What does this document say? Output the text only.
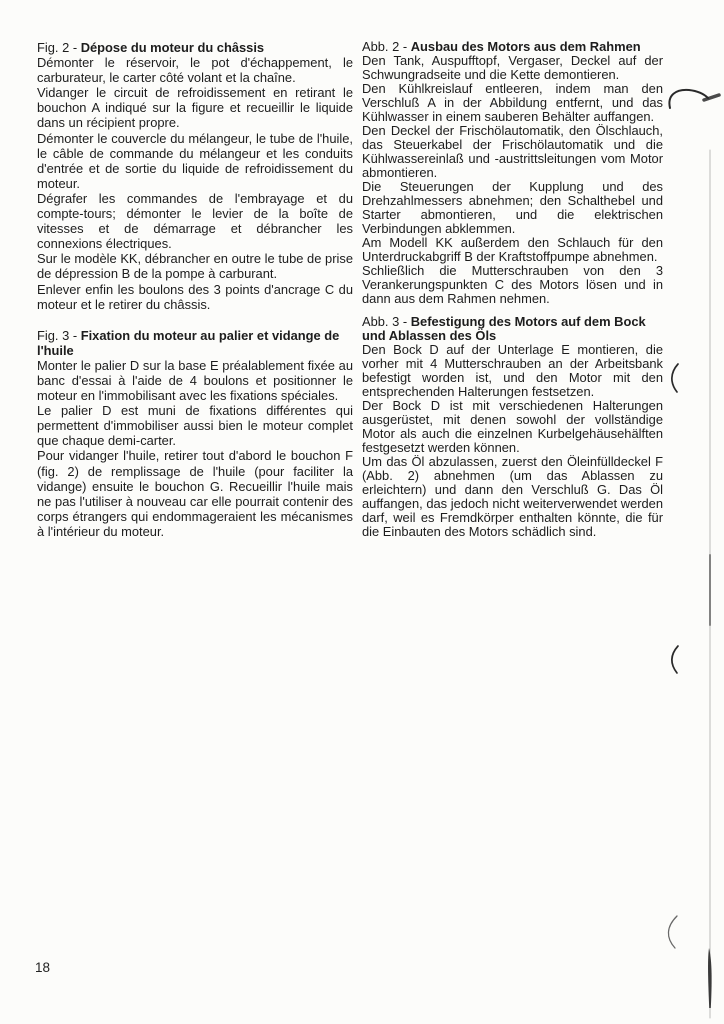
Fig. 2 - Dépose du moteur du châssis

Démonter le réservoir, le pot d'échappement, le carburateur, le carter côté volant et la chaîne.

Vidanger le circuit de refroidissement en retirant le bouchon A indiqué sur la figure et recueillir le liquide dans un récipient propre.

Démonter le couvercle du mélangeur, le tube de l'huile, le câble de commande du mélangeur et les conduits d'entrée et de sortie du liquide de refroidissement du moteur.

Dégrafer les commandes de l'embrayage et du compte-tours; démonter le levier de la boîte de vitesses et de démarrage et débrancher les connexions électriques.

Sur le modèle KK, débrancher en outre le tube de prise de dépression B de la pompe à carburant.

Enlever enfin les boulons des 3 points d'ancrage C du moteur et le retirer du châssis.

Fig. 3 - Fixation du moteur au palier et vidange de l'huile

Monter le palier D sur la base E préalablement fixée au banc d'essai à l'aide de 4 boulons et positionner le moteur en l'immobilisant avec les fixations spéciales.

Le palier D est muni de fixations différentes qui permettent d'immobiliser aussi bien le moteur complet que chaque demi-carter.

Pour vidanger l'huile, retirer tout d'abord le bouchon F (fig. 2) de remplissage de l'huile (pour faciliter la vidange) ensuite le bouchon G. Recueillir l'huile mais ne pas l'utiliser à nouveau car elle pourrait contenir des corps étrangers qui endommageraient les mécanismes à l'intérieur du moteur.

Abb. 2 - Ausbau des Motors aus dem Rahmen

Den Tank, Auspufftopf, Vergaser, Deckel auf der Schwungradseite und die Kette demontieren.

Den Kühlkreislauf entleeren, indem man den Verschluß A in der Abbildung entfernt, und das Kühlwasser in einem sauberen Behälter auffangen.

Den Deckel der Frischölautomatik, den Ölschlauch, das Steuerkabel der Frischölautomatik und die Kühlwassereinlaß und -austrittsleitungen vom Motor abmontieren.

Die Steuerungen der Kupplung und des Drehzahlmessers abnehmen; den Schalthebel und Starter abmontieren, und die elektrischen Verbindungen abklemmen.

Am Modell KK außerdem den Schlauch für den Unterdruckabgriff B der Kraftstoffpumpe abnehmen.

Schließlich die Mutterschrauben von den 3 Verankerungspunkten C des Motors lösen und in dann aus dem Rahmen nehmen.

Abb. 3 - Befestigung des Motors auf dem Bock und Ablassen des Öls

Den Bock D auf der Unterlage E montieren, die vorher mit 4 Mutterschrauben an der Arbeitsbank befestigt worden ist, und den Motor mit den entsprechenden Halterungen festsetzen.

Der Bock D ist mit verschiedenen Halterungen ausgerüstet, mit denen sowohl der vollständige Motor als auch die einzelnen Kurbelgehäusehälften festgesetzt werden können.

Um das Öl abzulassen, zuerst den Öleinfülldeckel F (Abb. 2) abnehmen (um das Ablassen zu erleichtern) und dann den Verschluß G. Das Öl auffangen, das jedoch nicht weiterverwendet werden darf, weil es Fremdkörper enthalten könnte, die für die Einbauten des Motors schädlich sind.

18
